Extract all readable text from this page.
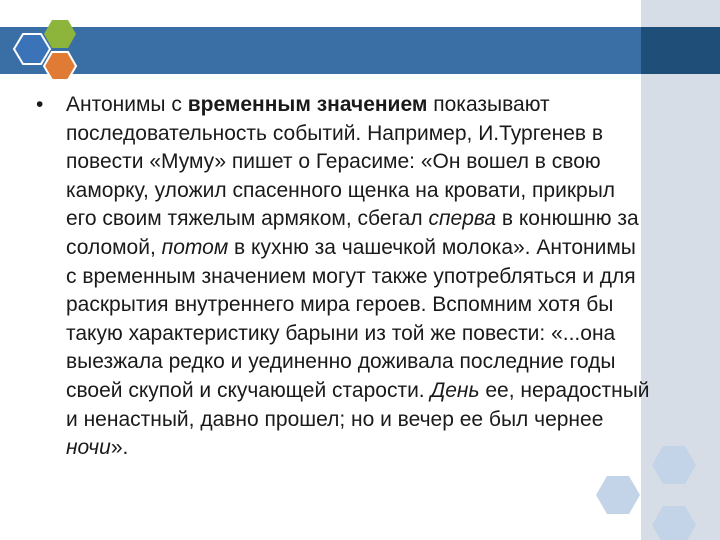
•	Антонимы с временным значением показывают последовательность событий. Например, И.Тургенев в повести «Муму» пишет о Герасиме: «Он вошел в свою каморку, уложил спасенного щенка на кровати, прикрыл его своим тяжелым армяком, сбегал сперва в конюшню за соломой, потом в кухню за чашечкой молока». Антонимы с временным значением могут также употребляться и для раскрытия внутреннего мира героев. Вспомним хотя бы такую характеристику барыни из той же повести: «...она выезжала редко и уединенно доживала последние годы своей скупой и скучающей старости. День ее, нерадостный и ненастный, давно прошел; но и вечер ее был чернее ночи».
